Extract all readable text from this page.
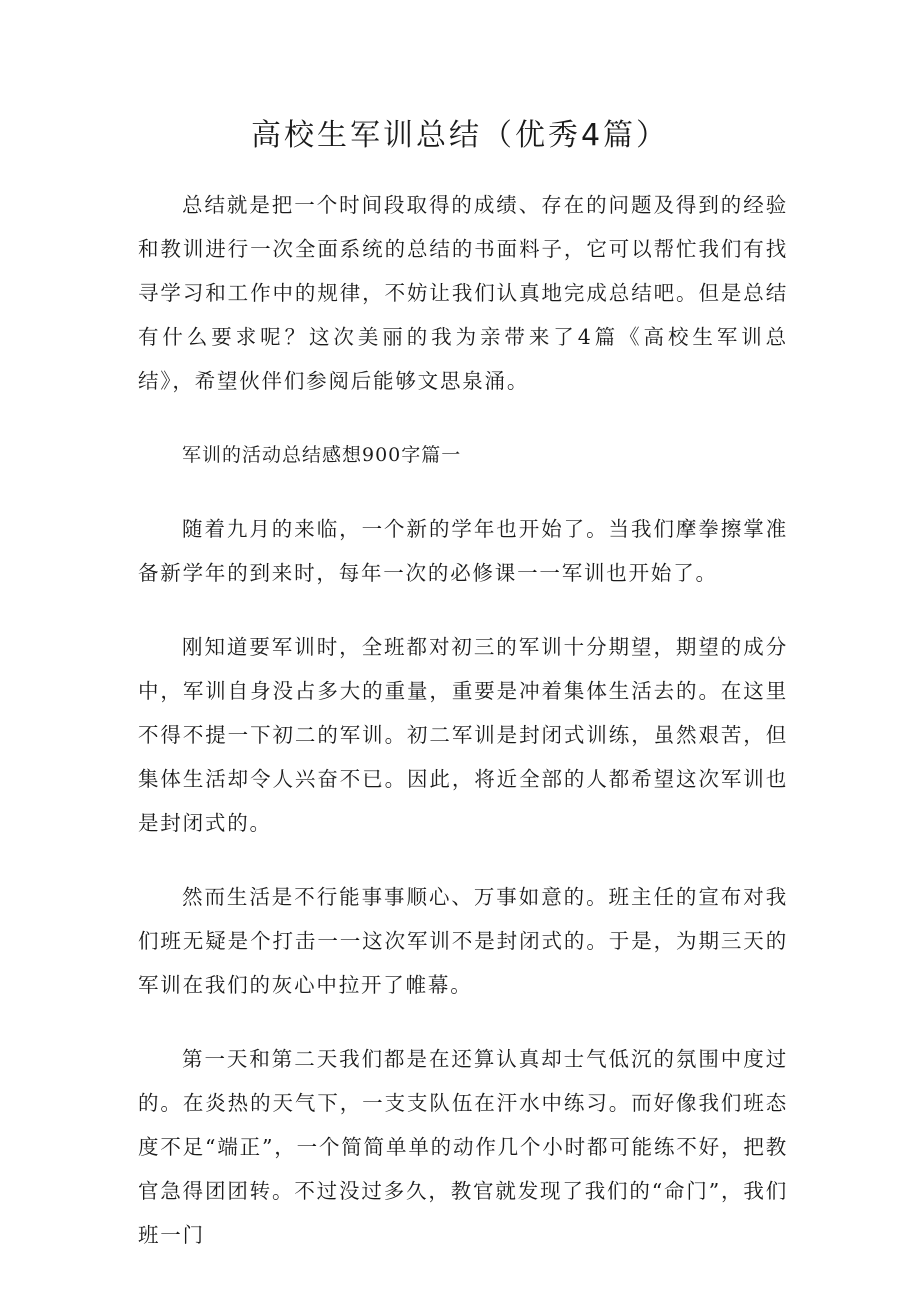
高校生军训总结（优秀4篇）

总结就是把一个时间段取得的成绩、存在的问题及得到的经验和教训进行一次全面系统的总结的书面料子，它可以帮忙我们有找寻学习和工作中的规律，不妨让我们认真地完成总结吧。但是总结有什么要求呢？这次美丽的我为亲带来了4篇《高校生军训总结》，希望伙伴们参阅后能够文思泉涌。

军训的活动总结感想900字篇一

随着九月的来临，一个新的学年也开始了。当我们摩拳擦掌准备新学年的到来时，每年一次的必修课一一军训也开始了。

刚知道要军训时，全班都对初三的军训十分期望，期望的成分中，军训自身没占多大的重量，重要是冲着集体生活去的。在这里不得不提一下初二的军训。初二军训是封闭式训练，虽然艰苦，但集体生活却令人兴奋不已。因此，将近全部的人都希望这次军训也是封闭式的。

然而生活是不行能事事顺心、万事如意的。班主任的宣布对我们班无疑是个打击一一这次军训不是封闭式的。于是，为期三天的军训在我们的灰心中拉开了帷幕。

第一天和第二天我们都是在还算认真却士气低沉的氛围中度过的。在炎热的天气下，一支支队伍在汗水中练习。而好像我们班态度不足“端正”，一个简简单单的动作几个小时都可能练不好，把教官急得团团转。不过没过多久，教官就发现了我们的“命门”，我们班一门
